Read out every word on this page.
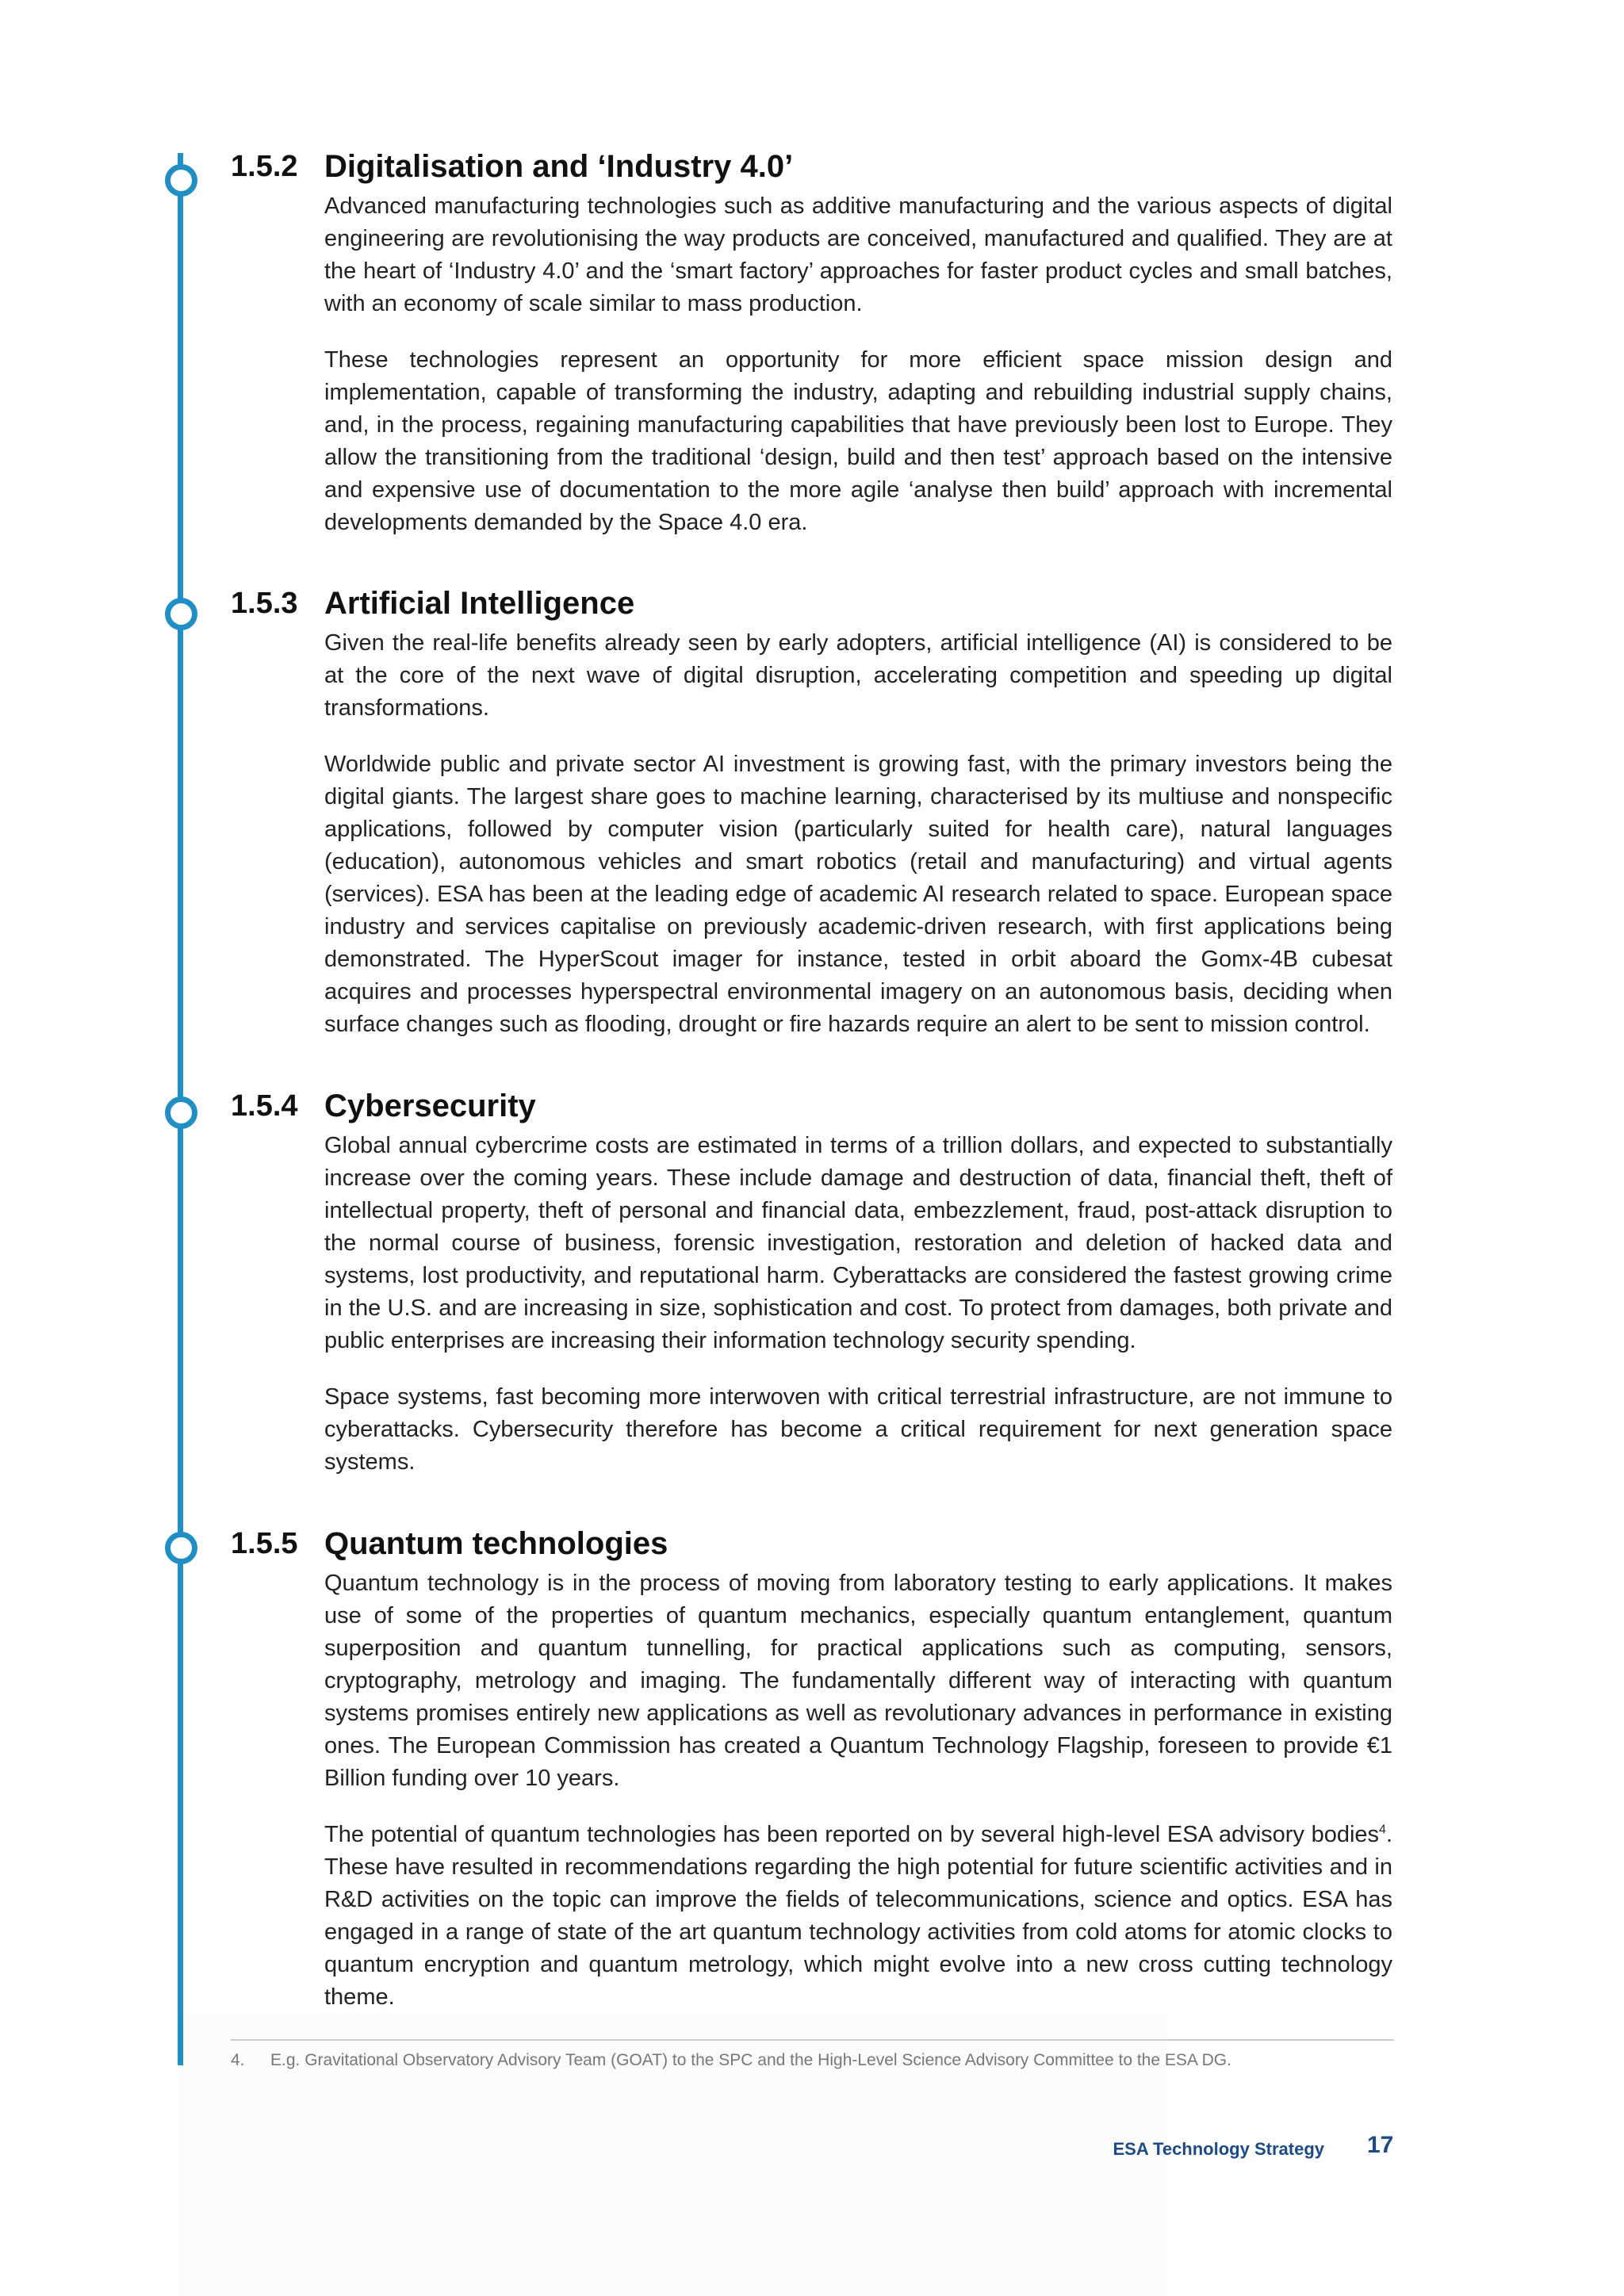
1.5.2 Digitalisation and ‘Industry 4.0’

Advanced manufacturing technologies such as additive manufacturing and the various aspects of digital engineering are revolutionising the way products are conceived, manufactured and qualified. They are at the heart of ‘Industry 4.0’ and the ‘smart factory’ approaches for faster product cycles and small batches, with an economy of scale similar to mass production.

These technologies represent an opportunity for more efficient space mission design and implementation, capable of transforming the industry, adapting and rebuilding industrial supply chains, and, in the process, regaining manufacturing capabilities that have previously been lost to Europe. They allow the transitioning from the traditional ‘design, build and then test’ approach based on the intensive and expensive use of documentation to the more agile ‘analyse then build’ approach with incremental developments demanded by the Space 4.0 era.

1.5.3 Artificial Intelligence

Given the real-life benefits already seen by early adopters, artificial intelligence (AI) is considered to be at the core of the next wave of digital disruption, accelerating competition and speeding up digital transformations.

Worldwide public and private sector AI investment is growing fast, with the primary investors being the digital giants. The largest share goes to machine learning, characterised by its multiuse and nonspecific applications, followed by computer vision (particularly suited for health care), natural languages (education), autonomous vehicles and smart robotics (retail and manufacturing) and virtual agents (services). ESA has been at the leading edge of academic AI research related to space. European space industry and services capitalise on previously academic-driven research, with first applications being demonstrated. The HyperScout imager for instance, tested in orbit aboard the Gomx-4B cubesat acquires and processes hyperspectral environmental imagery on an autonomous basis, deciding when surface changes such as flooding, drought or fire hazards require an alert to be sent to mission control.

1.5.4 Cybersecurity

Global annual cybercrime costs are estimated in terms of a trillion dollars, and expected to substantially increase over the coming years. These include damage and destruction of data, financial theft, theft of intellectual property, theft of personal and financial data, embezzlement, fraud, post-attack disruption to the normal course of business, forensic investigation, restoration and deletion of hacked data and systems, lost productivity, and reputational harm. Cyberattacks are considered the fastest growing crime in the U.S. and are increasing in size, sophistication and cost. To protect from damages, both private and public enterprises are increasing their information technology security spending.

Space systems, fast becoming more interwoven with critical terrestrial infrastructure, are not immune to cyberattacks. Cybersecurity therefore has become a critical requirement for next generation space systems.

1.5.5 Quantum technologies

Quantum technology is in the process of moving from laboratory testing to early applications. It makes use of some of the properties of quantum mechanics, especially quantum entanglement, quantum superposition and quantum tunnelling, for practical applications such as computing, sensors, cryptography, metrology and imaging. The fundamentally different way of interacting with quantum systems promises entirely new applications as well as revolutionary advances in performance in existing ones. The European Commission has created a Quantum Technology Flagship, foreseen to provide €1 Billion funding over 10 years.

The potential of quantum technologies has been reported on by several high-level ESA advisory bodies$^4$. These have resulted in recommendations regarding the high potential for future scientific activities and in R&D activities on the topic can improve the fields of telecommunications, science and optics. ESA has engaged in a range of state of the art quantum technology activities from cold atoms for atomic clocks to quantum encryption and quantum metrology, which might evolve into a new cross cutting technology theme.

4. E.g. Gravitational Observatory Advisory Team (GOAT) to the SPC and the High-Level Science Advisory Committee to the ESA DG.
ESA Technology Strategy 17
